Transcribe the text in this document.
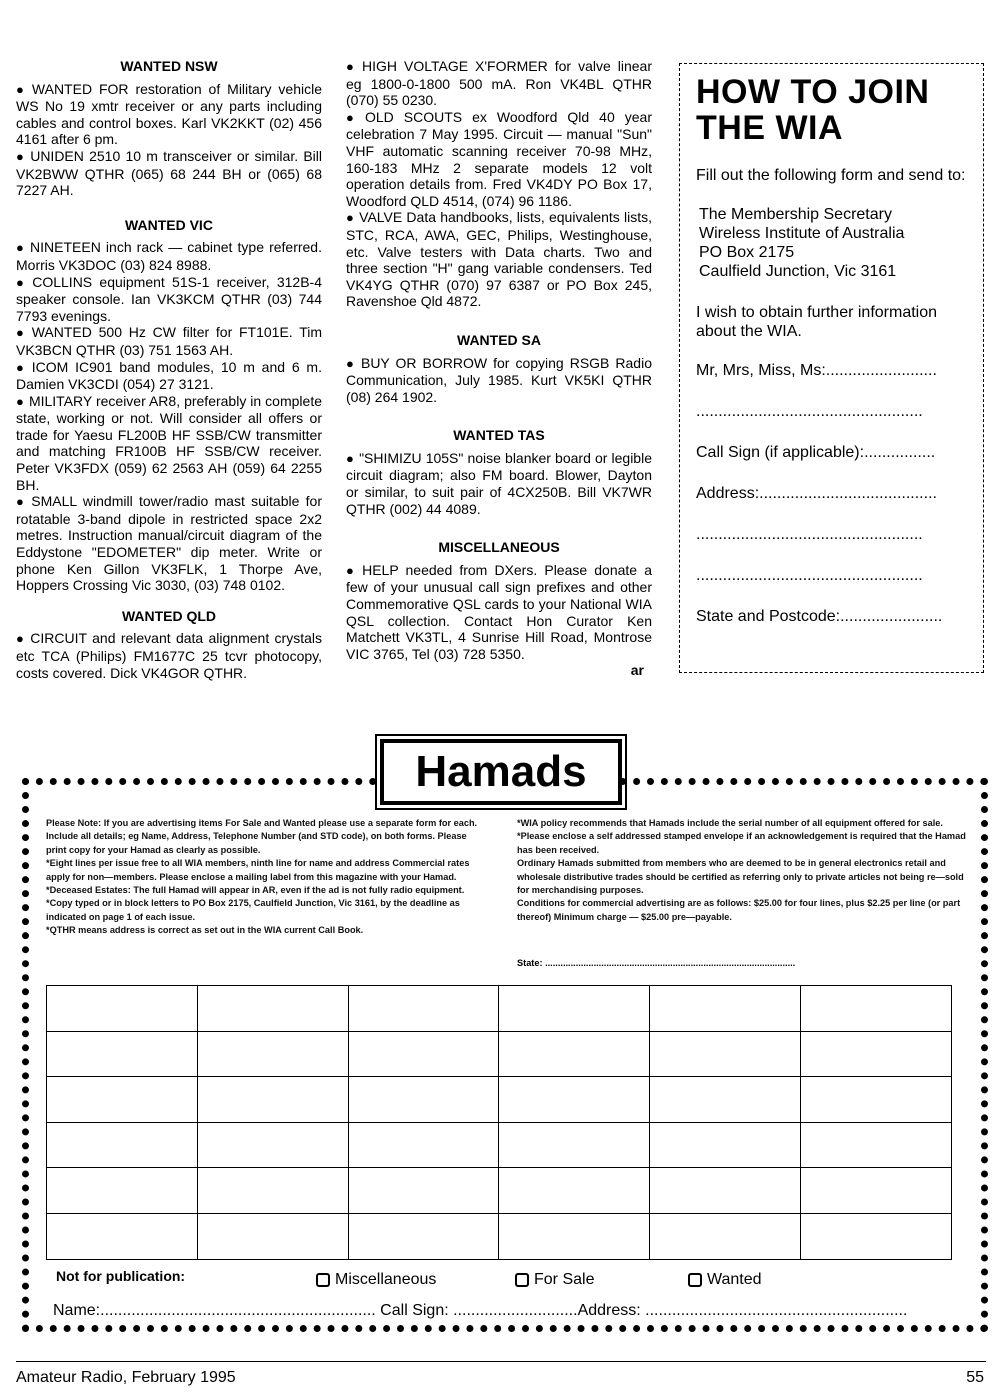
WANTED NSW
● WANTED FOR restoration of Military vehicle WS No 19 xmtr receiver or any parts including cables and control boxes. Karl VK2KKT (02) 456 4161 after 6 pm.
● UNIDEN 2510 10 m transceiver or similar. Bill VK2BWW QTHR (065) 68 244 BH or (065) 68 7227 AH.
WANTED VIC
● NINETEEN inch rack — cabinet type referred. Morris VK3DOC (03) 824 8988.
● COLLINS equipment 51S-1 receiver, 312B-4 speaker console. Ian VK3KCM QTHR (03) 744 7793 evenings.
● WANTED 500 Hz CW filter for FT101E. Tim VK3BCN QTHR (03) 751 1563 AH.
● ICOM IC901 band modules, 10 m and 6 m. Damien VK3CDI (054) 27 3121.
● MILITARY receiver AR8, preferably in complete state, working or not. Will consider all offers or trade for Yaesu FL200B HF SSB/CW transmitter and matching FR100B HF SSB/CW receiver. Peter VK3FDX (059) 62 2563 AH (059) 64 2255 BH.
● SMALL windmill tower/radio mast suitable for rotatable 3-band dipole in restricted space 2x2 metres. Instruction manual/circuit diagram of the Eddystone "EDOMETER" dip meter. Write or phone Ken Gillon VK3FLK, 1 Thorpe Ave, Hoppers Crossing Vic 3030, (03) 748 0102.
WANTED QLD
● CIRCUIT and relevant data alignment crystals etc TCA (Philips) FM1677C 25 tcvr photocopy, costs covered. Dick VK4GOR QTHR.
● HIGH VOLTAGE X'FORMER for valve linear eg 1800-0-1800 500 mA. Ron VK4BL QTHR (070) 55 0230.
● OLD SCOUTS ex Woodford Qld 40 year celebration 7 May 1995. Circuit — manual "Sun" VHF automatic scanning receiver 70-98 MHz, 160-183 MHz 2 separate models 12 volt operation details from. Fred VK4DY PO Box 17, Woodford QLD 4514, (074) 96 1186.
● VALVE Data handbooks, lists, equivalents lists, STC, RCA, AWA, GEC, Philips, Westinghouse, etc. Valve testers with Data charts. Two and three section "H" gang variable condensers. Ted VK4YG QTHR (070) 97 6387 or PO Box 245, Ravenshoe Qld 4872.
WANTED SA
● BUY OR BORROW for copying RSGB Radio Communication, July 1985. Kurt VK5KI QTHR (08) 264 1902.
WANTED TAS
● "SHIMIZU 105S" noise blanker board or legible circuit diagram; also FM board. Blower, Dayton or similar, to suit pair of 4CX250B. Bill VK7WR QTHR (002) 44 4089.
MISCELLANEOUS
● HELP needed from DXers. Please donate a few of your unusual call sign prefixes and other Commemorative QSL cards to your National WIA QSL collection. Contact Hon Curator Ken Matchett VK3TL, 4 Sunrise Hill Road, Montrose VIC 3765, Tel (03) 728 5350.
ar
HOW TO JOIN
THE WIA

Fill out the following form and send to:

The Membership Secretary
Wireless Institute of Australia
PO Box 2175
Caulfield Junction, Vic 3161

I wish to obtain further information about the WIA.

Mr, Mrs, Miss, Ms:.........................
...................................................
Call Sign (if applicable):................
Address:........................................
...................................................
...................................................
State and Postcode:.......................
Hamads
Please Note: If you are advertising items For Sale and Wanted please use a separate form for each. Include all details; eg Name, Address, Telephone Number (and STD code), on both forms. Please print copy for your Hamad as clearly as possible.
*Eight lines per issue free to all WIA members, ninth line for name and address Commercial rates apply for non—members. Please enclose a mailing label from this magazine with your Hamad.
*Deceased Estates: The full Hamad will appear in AR, even if the ad is not fully radio equipment.
*Copy typed or in block letters to PO Box 2175, Caulfield Junction, Vic 3161, by the deadline as indicated on page 1 of each issue.
*QTHR means address is correct as set out in the WIA current Call Book.
*WIA policy recommends that Hamads include the serial number of all equipment offered for sale.
*Please enclose a self addressed stamped envelope if an acknowledgement is required that the Hamad has been received.
Ordinary Hamads submitted from members who are deemed to be in general electronics retail and wholesale distributive trades should be certified as referring only to private articles not being re—sold for merchandising purposes.
Conditions for commercial advertising are as follows: $25.00 for four lines, plus $2.25 per line (or part thereof) Minimum charge — $25.00 pre—payable.
State: ..................................................................................................

Not for publication:	Miscellaneous	For Sale	Wanted
Name:.............................................................. Call Sign: ............................Address: ...........................................................
Amateur Radio, February 1995	55
